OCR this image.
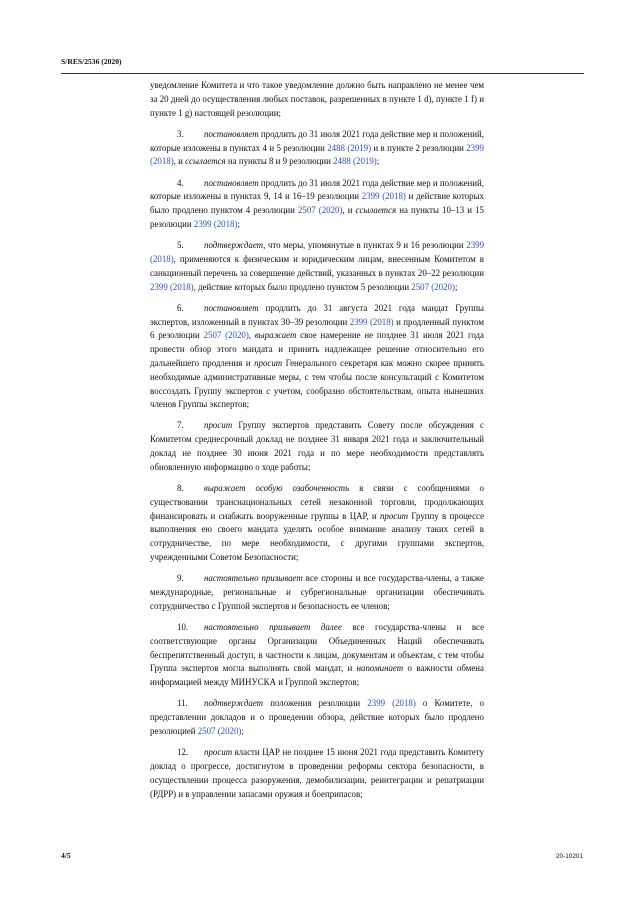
S/RES/2536 (2020)

уведомление Комитета и что такое уведомление должно быть направлено не менее чем за 20 дней до осуществления любых поставок, разрешенных в пункте 1 d), пункте 1 f) и пункте 1 g) настоящей резолюции;

3. постановляет продлить до 31 июля 2021 года действие мер и положений, которые изложены в пунктах 4 и 5 резолюции 2488 (2019) и в пункте 2 резолюции 2399 (2018), и ссылается на пункты 8 и 9 резолюции 2488 (2019);

4. постановляет продлить до 31 июля 2021 года действие мер и положений, которые изложены в пунктах 9, 14 и 16–19 резолюции 2399 (2018) и действие которых было продлено пунктом 4 резолюции 2507 (2020), и ссылается на пункты 10–13 и 15 резолюции 2399 (2018);

5. подтверждает, что меры, упомянутые в пунктах 9 и 16 резолюции 2399 (2018), применяются к физическим и юридическим лицам, внесенным Комитетом в санкционный перечень за совершение действий, указанных в пунктах 20–22 резолюции 2399 (2018), действие которых было продлено пунктом 5 резолюции 2507 (2020);

6. постановляет продлить до 31 августа 2021 года мандат Группы экспертов, изложенный в пунктах 30–39 резолюции 2399 (2018) и продленный пунктом 6 резолюции 2507 (2020), выражает свое намерение не позднее 31 июля 2021 года провести обзор этого мандата и принять надлежащее решение относительно его дальнейшего продления и просит Генерального секретаря как можно скорее принять необходимые административные меры, с тем чтобы после консультаций с Комитетом воссоздать Группу экспертов с учетом, сообразно обстоятельствам, опыта нынешних членов Группы экспертов;

7. просит Группу экспертов представить Совету после обсуждения с Комитетом среднесрочный доклад не позднее 31 января 2021 года и заключительный доклад не позднее 30 июня 2021 года и по мере необходимости представлять обновленную информацию о ходе работы;

8. выражает особую озабоченность в связи с сообщениями о существовании транснациональных сетей незаконной торговли, продолжающих финансировать и снабжать вооруженные группы в ЦАР, и просит Группу в процессе выполнения ею своего мандата уделять особое внимание анализу таких сетей в сотрудничестве, по мере необходимости, с другими группами экспертов, учрежденными Советом Безопасности;

9. настоятельно призывает все стороны и все государства-члены, а также международные, региональные и субрегиональные организации обеспечивать сотрудничество с Группой экспертов и безопасность ее членов;

10. настоятельно призывает далее все государства-члены и все соответствующие органы Организации Объединенных Наций обеспечивать беспрепятственный доступ, в частности к лицам, документам и объектам, с тем чтобы Группа экспертов могла выполнять свой мандат, и напоминает о важности обмена информацией между МИНУСКА и Группой экспертов;

11. подтверждает положения резолюции 2399 (2018) о Комитете, о представлении докладов и о проведении обзора, действие которых было продлено резолюцией 2507 (2020);

12. просит власти ЦАР не позднее 15 июня 2021 года представить Комитету доклад о прогрессе, достигнутом в проведении реформы сектора безопасности, в осуществлении процесса разоружения, демобилизации, реинтеграции и репатриации (РДРР) и в управлении запасами оружия и боеприпасов;

4/5	20-10201
